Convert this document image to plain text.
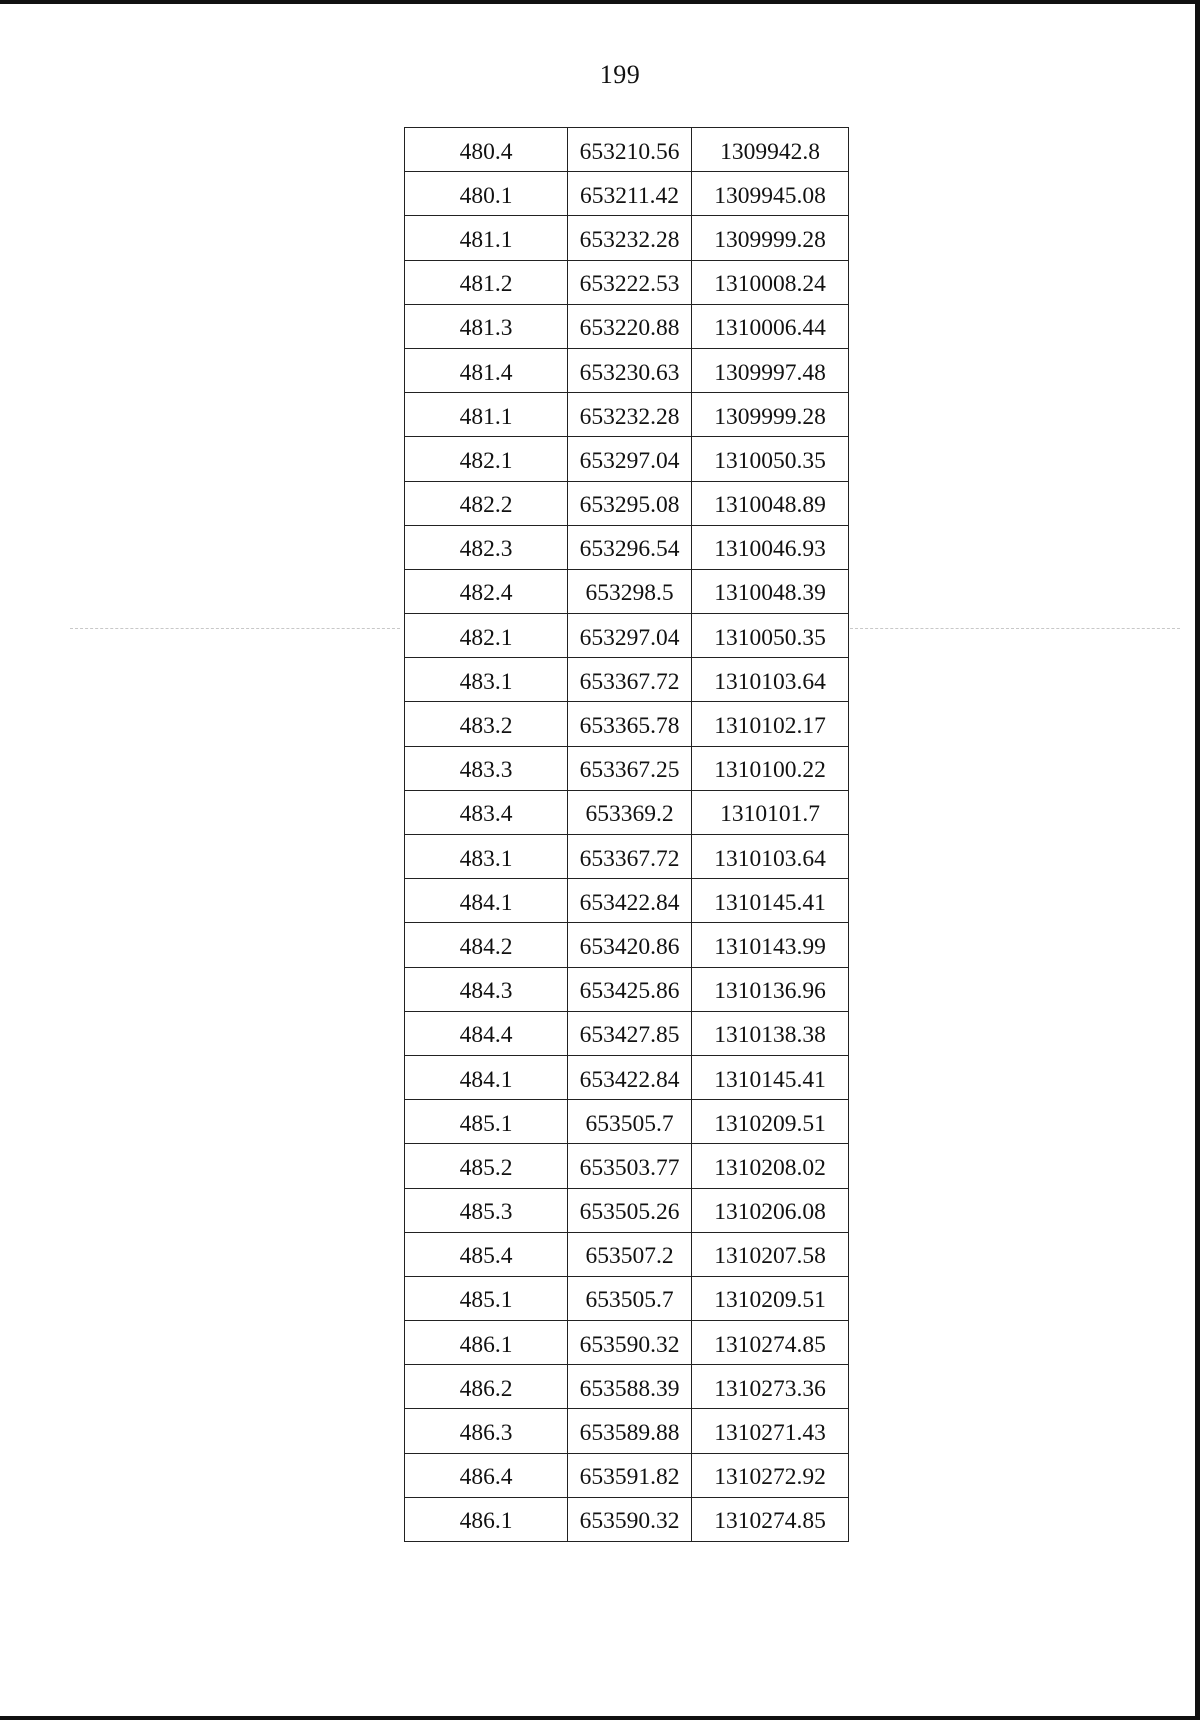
199
480.4	653210.56	1309942.8
480.1	653211.42	1309945.08
481.1	653232.28	1309999.28
481.2	653222.53	1310008.24
481.3	653220.88	1310006.44
481.4	653230.63	1309997.48
481.1	653232.28	1309999.28
482.1	653297.04	1310050.35
482.2	653295.08	1310048.89
482.3	653296.54	1310046.93
482.4	653298.5	1310048.39
482.1	653297.04	1310050.35
483.1	653367.72	1310103.64
483.2	653365.78	1310102.17
483.3	653367.25	1310100.22
483.4	653369.2	1310101.7
483.1	653367.72	1310103.64
484.1	653422.84	1310145.41
484.2	653420.86	1310143.99
484.3	653425.86	1310136.96
484.4	653427.85	1310138.38
484.1	653422.84	1310145.41
485.1	653505.7	1310209.51
485.2	653503.77	1310208.02
485.3	653505.26	1310206.08
485.4	653507.2	1310207.58
485.1	653505.7	1310209.51
486.1	653590.32	1310274.85
486.2	653588.39	1310273.36
486.3	653589.88	1310271.43
486.4	653591.82	1310272.92
486.1	653590.32	1310274.85
